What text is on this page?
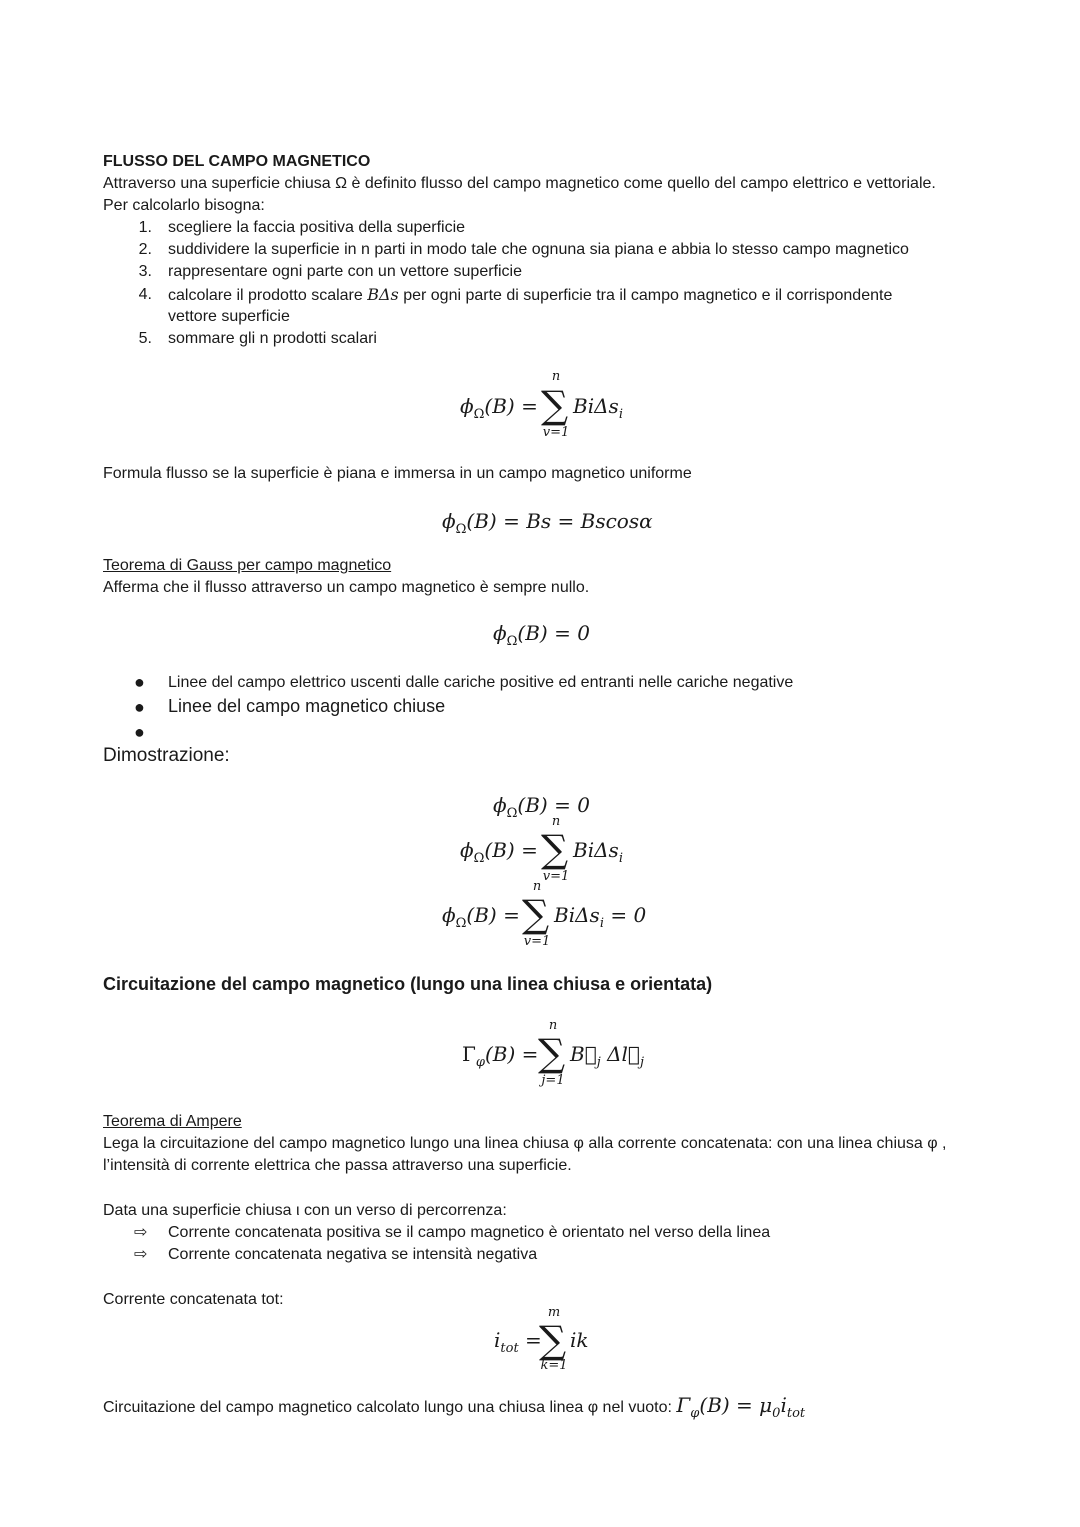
FLUSSO DEL CAMPO MAGNETICO
Attraverso una superficie chiusa Ω è definito flusso del campo magnetico come quello del campo elettrico e vettoriale.
Per calcolarlo bisogna:
1. scegliere la faccia positiva della superficie
2. suddividere la superficie in n parti in modo tale che ognuna sia piana e abbia lo stesso campo magnetico
3. rappresentare ogni parte con un vettore superficie
4. calcolare il prodotto scalare BΔs per ogni parte di superficie tra il campo magnetico e il corrispondente
vettore superficie
5. sommare gli n prodotti scalari
$\phi_\Omega(B)$ =
n
∑
v=1
BiΔs$_i$
Formula flusso se la superficie è piana e immersa in un campo magnetico uniforme
$\phi_\Omega(B) = Bs = Bscos\alpha$
Teorema di Gauss per campo magnetico
Afferma che il flusso attraverso un campo magnetico è sempre nullo.
$\phi_\Omega(B) = 0$
● Linee del campo elettrico uscenti dalle cariche positive ed entranti nelle cariche negative
● Linee del campo magnetico chiuse
●
Dimostrazione:
$\phi_\Omega(B) = 0$
n
$\phi_\Omega(B)$ = ∑
v=1
BiΔs$_i$
n
$\phi_\Omega(B)$ = ∑
v=1
BiΔs$_i$ = 0
Circuitazione del campo magnetico (lungo una linea chiusa e orientata)
$\Gamma_\varphi(B)$ =
n
∑
j=1
$B⃗_j$ $\Delta l⃗_j$
Teorema di Ampere
Lega la circuitazione del campo magnetico lungo una linea chiusa φ alla corrente concatenata: con una linea chiusa φ ,
l’intensità di corrente elettrica che passa attraverso una superficie.
Data una superficie chiusa ι con un verso di percorrenza:
⇨ Corrente concatenata positiva se il campo magnetico è orientato nel verso della linea
⇨ Corrente concatenata negativa se intensità negativa
Corrente concatenata tot:
$i_{tot}$ =
m
∑
k=1
ik
Circuitazione del campo magnetico calcolato lungo una chiusa linea φ nel vuoto: $\Gamma_\varphi(B) = \mu_0i_{tot}$
